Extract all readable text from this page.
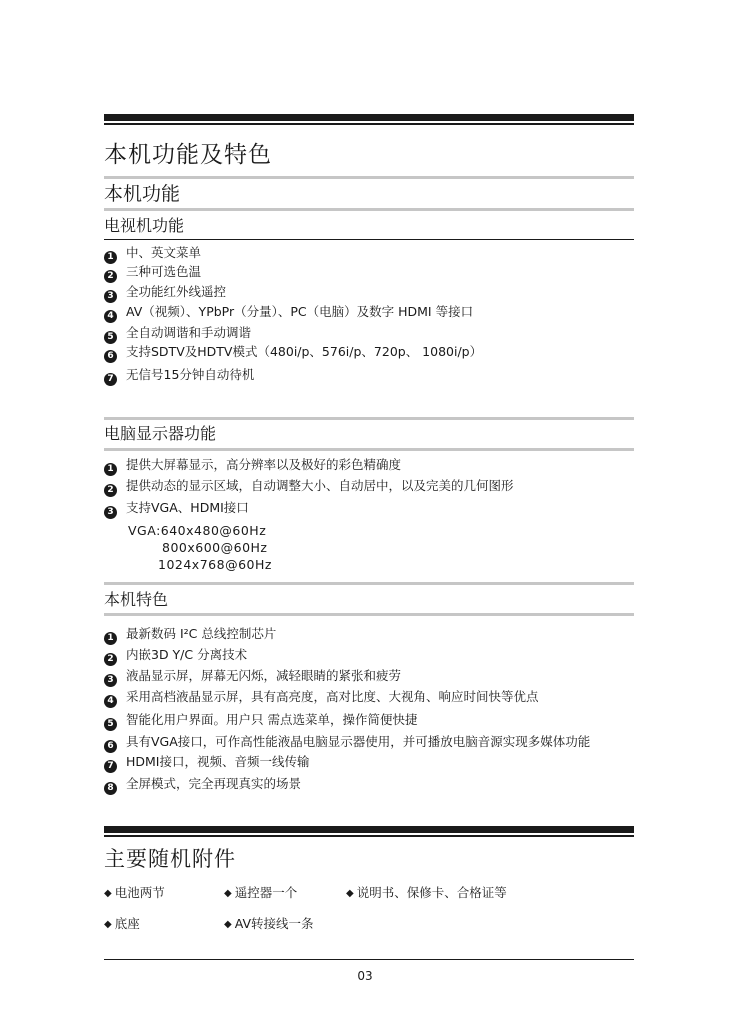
本机功能及特色
本机功能
电视机功能
1 中、英文菜单
2 三种可选色温
3 全功能红外线遥控
4 AV（视频）、YPbPr（分量）、PC（电脑）及数字 HDMI 等接口
5 全自动调谐和手动调谐
6 支持SDTV及HDTV模式（480i/p、576i/p、720p、 1080i/p）
7 无信号15分钟自动待机
电脑显示器功能
1 提供大屏幕显示，高分辨率以及极好的彩色精确度
2 提供动态的显示区域，自动调整大小、自动居中，以及完美的几何图形
3 支持VGA、HDMI接口
VGA:640x480@60Hz
800x600@60Hz
1024x768@60Hz
本机特色
1 最新数码 I²C 总线控制芯片
2 内嵌3D Y/C 分离技术
3 液晶显示屏，屏幕无闪烁，减轻眼睛的紧张和疲劳
4 采用高档液晶显示屏，具有高亮度，高对比度、大视角、响应时间快等优点
5 智能化用户界面。用户只 需点选菜单，操作简便快捷
6 具有VGA接口，可作高性能液晶电脑显示器使用，并可播放电脑音源实现多媒体功能
7 HDMI接口，视频、音频一线传输
8 全屏模式，完全再现真实的场景
主要随机附件
◆ 电池两节	◆ 遥控器一个	◆ 说明书、保修卡、合格证等
◆ 底座	◆ AV转接线一条
03
